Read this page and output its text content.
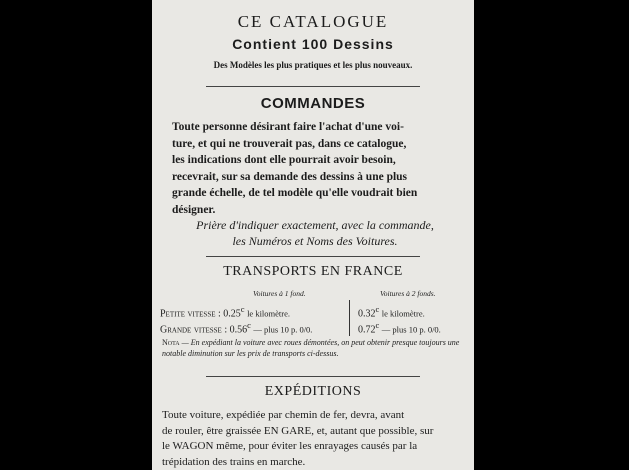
CE CATALOGUE
Contient 100 Dessins
Des Modèles les plus pratiques et les plus nouveaux.
COMMANDES
Toute personne désirant faire l'achat d'une voi-
ture, et qui ne trouverait pas, dans ce catalogue,
les indications dont elle pourrait avoir besoin,
recevrait, sur sa demande des dessins à une plus
grande échelle, de tel modèle qu'elle voudrait bien
désigner.
Prière d'indiquer exactement, avec la commande,
les Numéros et Noms des Voitures.
TRANSPORTS EN FRANCE
Voitures à 1 fond.	Voitures à 2 fonds.
Petite vitesse : 0.25$^c$ le kilomètre.	0.32$^c$ le kilomètre.
Grande vitesse : 0.56$^c$ — plus 10 p. 0/0.	0.72$^c$ — plus 10 p. 0/0.
Nota — En expédiant la voiture avec roues démontées, on peut obtenir presque toujours une notable diminution sur les prix de transports ci-dessus.
EXPÉDITIONS
Toute voiture, expédiée par chemin de fer, devra, avant
de rouler, être graissée EN GARE, et, autant que possible, sur
le WAGON même, pour éviter les enrayages causés par la
trépidation des trains en marche.
